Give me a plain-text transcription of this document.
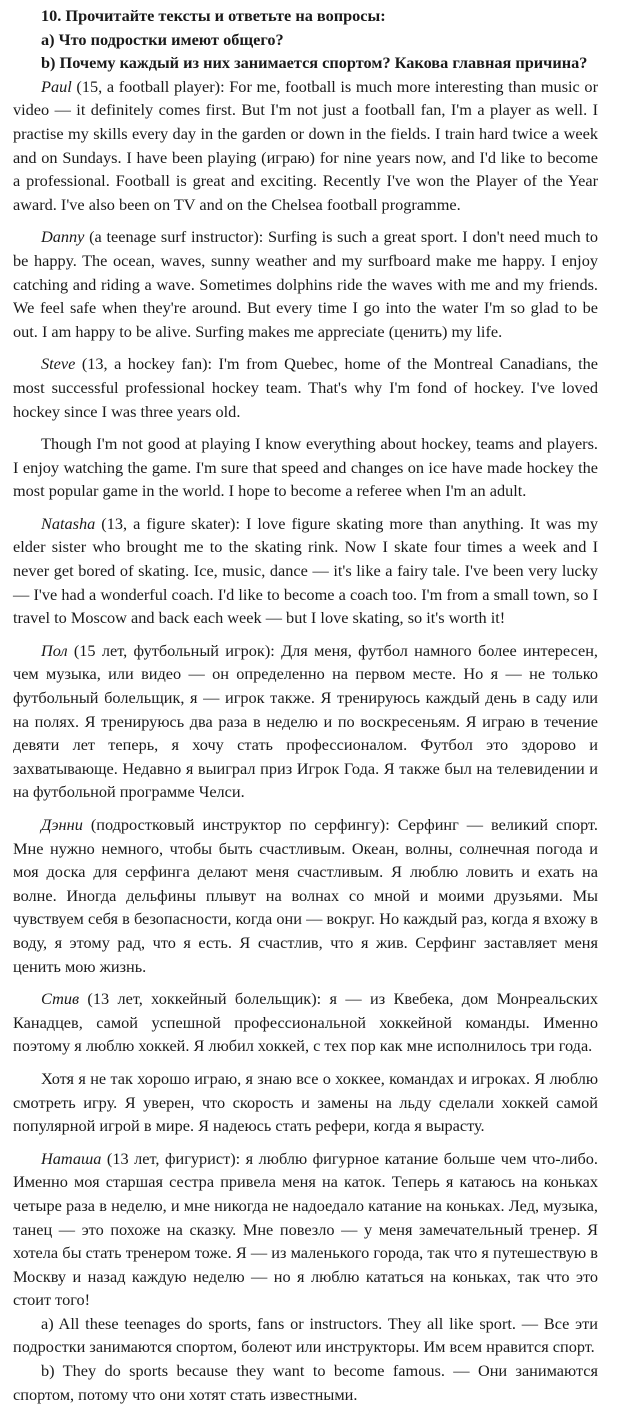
10. Прочитайте тексты и ответьте на вопросы:

a) Что подростки имеют общего?

b) Почему каждый из них занимается спортом? Какова главная причина?

Paul (15, a football player): For me, football is much more interesting than music or video — it definitely comes first. But I'm not just a football fan, I'm a player as well. I practise my skills every day in the garden or down in the fields. I train hard twice a week and on Sundays. I have been playing (играю) for nine years now, and I'd like to become a professional. Football is great and exciting. Recently I've won the Player of the Year award. I've also been on TV and on the Chelsea football programme.

Danny (a teenage surf instructor): Surfing is such a great sport. I don't need much to be happy. The ocean, waves, sunny weather and my surfboard make me happy. I enjoy catching and riding a wave. Sometimes dolphins ride the waves with me and my friends. We feel safe when they're around. But every time I go into the water I'm so glad to be out. I am happy to be alive. Surfing makes me appreciate (ценить) my life.

Steve (13, a hockey fan): I'm from Quebec, home of the Montreal Canadians, the most successful professional hockey team. That's why I'm fond of hockey. I've loved hockey since I was three years old.

Though I'm not good at playing I know everything about hockey, teams and players. I enjoy watching the game. I'm sure that speed and changes on ice have made hockey the most popular game in the world. I hope to become a referee when I'm an adult.

Natasha (13, a figure skater): I love figure skating more than anything. It was my elder sister who brought me to the skating rink. Now I skate four times a week and I never get bored of skating. Ice, music, dance — it's like a fairy tale. I've been very lucky — I've had a wonderful coach. I'd like to become a coach too. I'm from a small town, so I travel to Moscow and back each week — but I love skating, so it's worth it!

Пол (15 лет, футбольный игрок): Для меня, футбол намного более интересен, чем музыка, или видео — он определенно на первом месте. Но я — не только футбольный болельщик, я — игрок также. Я тренируюсь каждый день в саду или на полях. Я тренируюсь два раза в неделю и по воскресеньям. Я играю в течение девяти лет теперь, я хочу стать профессионалом. Футбол это здорово и захватывающе. Недавно я выиграл приз Игрок Года. Я также был на телевидении и на футбольной программе Челси.

Дэнни (подростковый инструктор по серфингу): Серфинг — великий спорт. Мне нужно немного, чтобы быть счастливым. Океан, волны, солнечная погода и моя доска для серфинга делают меня счастливым. Я люблю ловить и ехать на волне. Иногда дельфины плывут на волнах со мной и моими друзьями. Мы чувствуем себя в безопасности, когда они — вокруг. Но каждый раз, когда я вхожу в воду, я этому рад, что я есть. Я счастлив, что я жив. Серфинг заставляет меня ценить мою жизнь.

Стив (13 лет, хоккейный болельщик): я — из Квебека, дом Монреальских Канадцев, самой успешной профессиональной хоккейной команды. Именно поэтому я люблю хоккей. Я любил хоккей, с тех пор как мне исполнилось три года.

Хотя я не так хорошо играю, я знаю все о хоккее, командах и игроках. Я люблю смотреть игру. Я уверен, что скорость и замены на льду сделали хоккей самой популярной игрой в мире. Я надеюсь стать рефери, когда я вырасту.

Наташа (13 лет, фигурист): я люблю фигурное катание больше чем что-либо. Именно моя старшая сестра привела меня на каток. Теперь я катаюсь на коньках четыре раза в неделю, и мне никогда не надоедало катание на коньках. Лед, музыка, танец — это похоже на сказку. Мне повезло — у меня замечательный тренер. Я хотела бы стать тренером тоже. Я — из маленького города, так что я путешествую в Москву и назад каждую неделю — но я люблю кататься на коньках, так что это стоит того!

a) All these teenages do sports, fans or instructors. They all like sport. — Все эти подростки занимаются спортом, болеют или инструкторы. Им всем нравится спорт.

b) They do sports because they want to become famous. — Они занимаются спортом, потому что они хотят стать известными.
